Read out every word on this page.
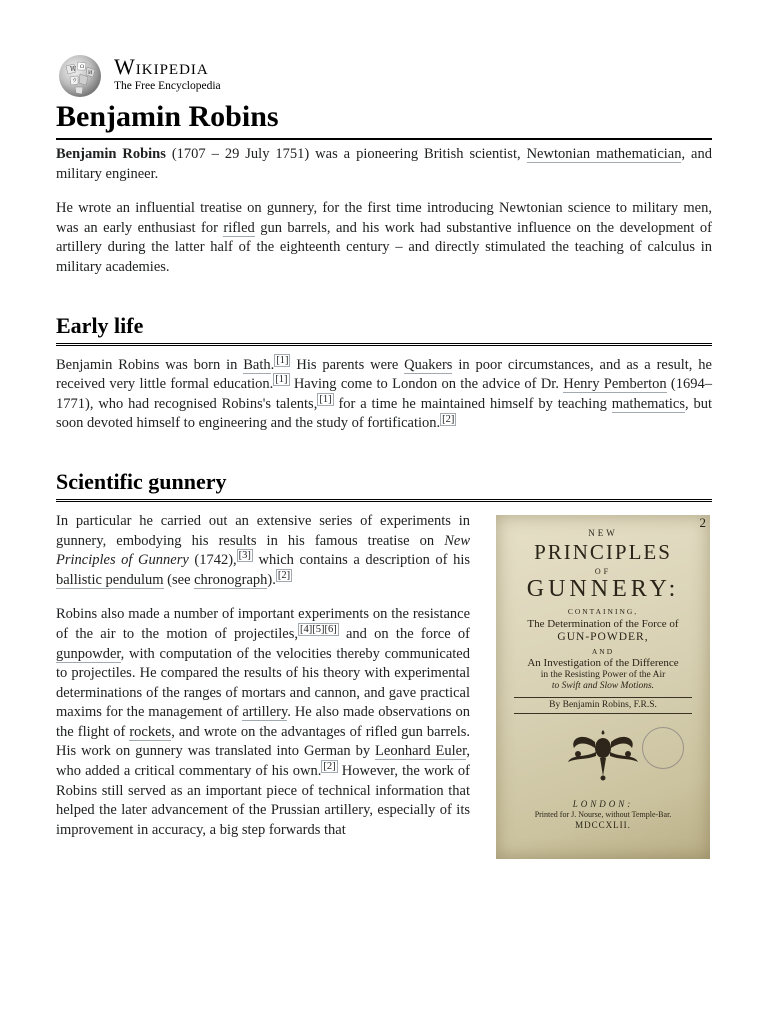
W Ω
И
ウ
Wikipedia
The Free Encyclopedia
Benjamin Robins

Benjamin Robins (1707 – 29 July 1751) was a pioneering British scientist, Newtonian mathematician, and military engineer.

He wrote an influential treatise on gunnery, for the first time introducing Newtonian science to military men, was an early enthusiast for rifled gun barrels, and his work had substantive influence on the development of artillery during the latter half of the eighteenth century – and directly stimulated the teaching of calculus in military academies.

Early life

Benjamin Robins was born in Bath. [1] His parents were Quakers in poor circumstances, and as a result, he received very little formal education. [1] Having come to London on the advice of Dr. Henry Pemberton (1694–1771), who had recognised Robins's talents, [1] for a time he maintained himself by teaching mathematics, but soon devoted himself to engineering and the study of fortification. [2]

Scientific gunnery

In particular he carried out an extensive series of experiments in gunnery, embodying his results in his famous treatise on New Principles of Gunnery (1742), [3] which contains a description of his ballistic pendulum (see chronograph). [2]

Robins also made a number of important experiments on the resistance of the air to the motion of projectiles, [4][5][6] and on the force of gunpowder, with computation of the velocities thereby communicated to projectiles. He compared the results of his theory with experimental determinations of the ranges of mortars and cannon, and gave practical maxims for the management of artillery. He also made observations on the flight of rockets, and wrote on the advantages of rifled gun barrels. His work on gunnery was translated into German by Leonhard Euler, who added a critical commentary of his own. [2] However, the work of Robins still served as an important piece of technical information that helped the later advancement of the Prussian artillery, especially of its improvement in accuracy, a big step forwards that

2
NEW
PRINCIPLES
OF
GUNNERY:
CONTAINING,
The Determination of the Force of
GUN-POWDER,
AND
An Investigation of the Difference
in the Resisting Power of the Air
to Swift and Slow Motions.
By Benjamin Robins, F.R.S.
LONDON:
Printed for J. Nourse, without Temple-Bar.
MDCCXLII.
